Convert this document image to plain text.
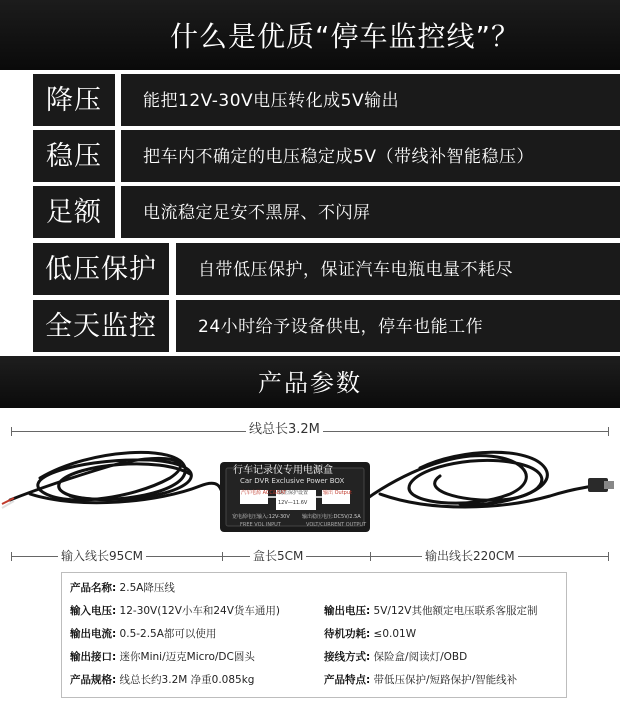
什么是优质“停车监控线”？
降压	能把12V-30V电压转化成5V输出
稳压	把车内不确定的电压稳定成5V（带线补智能稳压）
足额	电流稳定足安不黑屏、不闪屏
低压保护	自带低压保护，保证汽车电瓶电量不耗尽
全天监控	24小时给予设备供电，停车也能工作
产品参数
线总长3.2M
行车记录仪专用电源盒
Car DVR Exclusive Power BOX
汽车电源 ACC&BAT
低压保护设置
12V—11.6V
输出 Output
宽电源电压输入:12V-30V 输出稳压电压:DC5V/2.5A
FREE VOL INPUT	VOLT/CURRENT OUTPUT
输入线长95CM	盒长5CM	输出线长220CM
产品名称: 2.5A降压线
输入电压: 12-30V(12V小车和24V货车通用)	输出电压: 5V/12V其他额定电压联系客服定制
输出电流: 0.5-2.5A都可以使用	待机功耗: ≤0.01W
输出接口: 迷你Mini/迈克Micro/DC圆头	接线方式: 保险盒/阅读灯/OBD
产品规格: 线总长约3.2M 净重0.085kg	产品特点: 带低压保护/短路保护/智能线补
